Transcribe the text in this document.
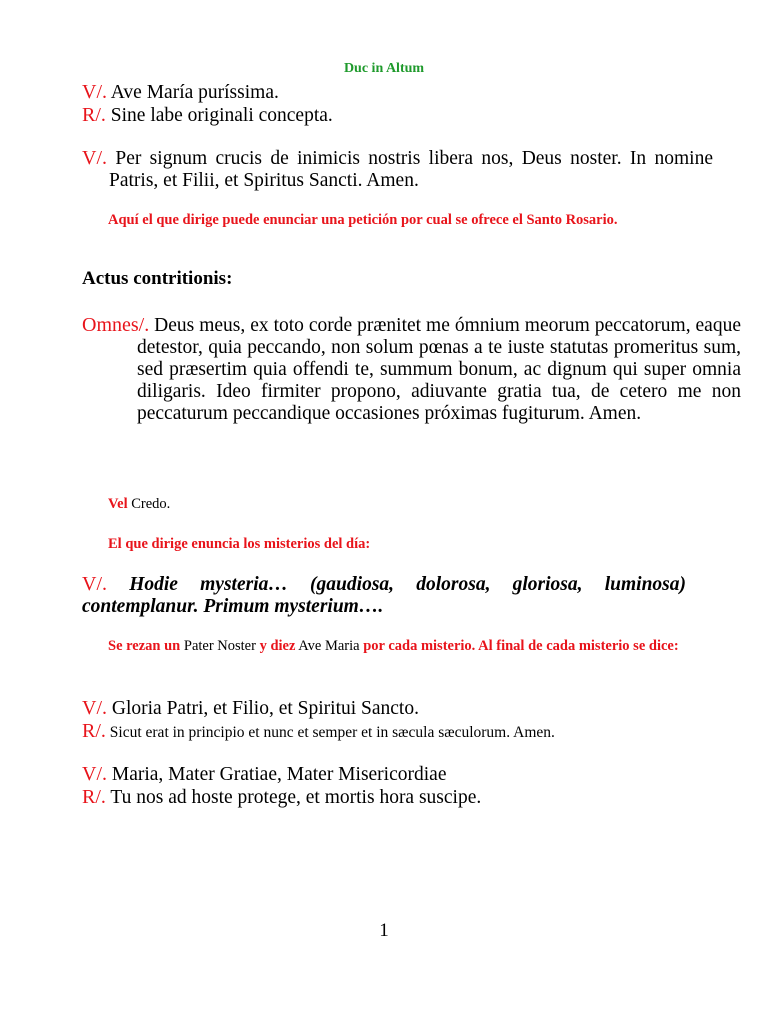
Duc in Altum
V/. Ave María puríssima.
R/. Sine labe originali concepta.
V/. Per signum crucis de inimicis nostris libera nos, Deus noster. In nomine Patris, et Filii, et Spiritus Sancti. Amen.
Aquí el que dirige puede enunciar una petición por cual se ofrece el Santo Rosario.
Actus contritionis:
Omnes/. Deus meus, ex toto corde prænitet me ómnium meorum peccatorum, eaque detestor, quia peccando, non solum pœnas a te iuste statutas promeritus sum, sed præsertim quia offendi te, summum bonum, ac dignum qui super omnia diligaris. Ideo firmiter propono, adiuvante gratia tua, de cetero me non peccaturum peccandique occasiones próximas fugiturum. Amen.
Vel Credo.
El que dirige enuncia los misterios del día:
V/. Hodie mysteria… (gaudiosa, dolorosa, gloriosa, luminosa) contemplanur. Primum mysterium….
Se rezan un Pater Noster y diez Ave Maria por cada misterio. Al final de cada misterio se dice:
V/. Gloria Patri, et Filio, et Spiritui Sancto.
R/. Sicut erat in principio et nunc et semper et in sæcula sæculorum. Amen.
V/. Maria, Mater Gratiae, Mater Misericordiae
R/. Tu nos ad hoste protege, et mortis hora suscipe.
1
